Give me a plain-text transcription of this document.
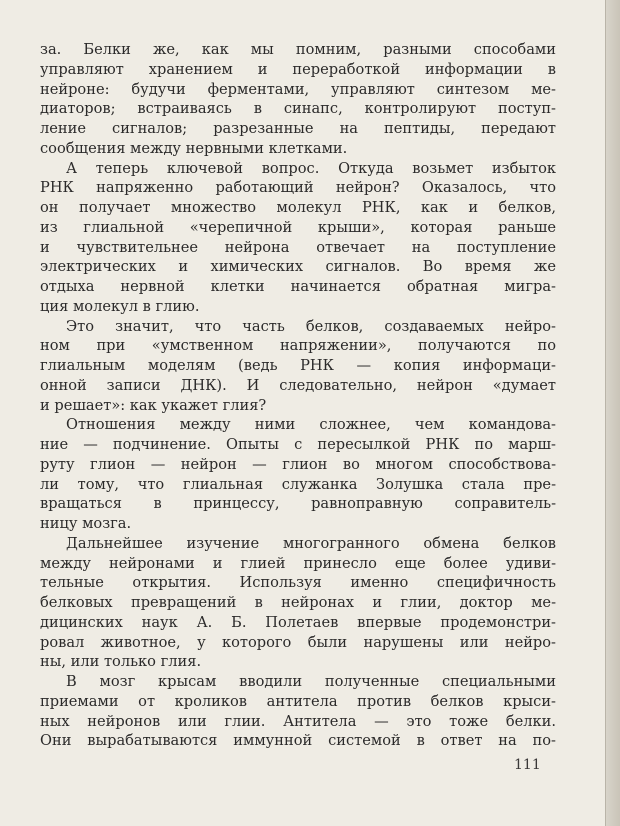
за. Белки же, как мы помним, разными способами
управляют хранением и переработкой информации в
нейроне: будучи ферментами, управляют синтезом ме-
диаторов; встраиваясь в синапс, контролируют поступ-
ление сигналов; разрезанные на пептиды, передают
сообщения между нервными клетками.
А теперь ключевой вопрос. Откуда возьмет избыток
РНК напряженно работающий нейрон? Оказалось, что
он получает множество молекул РНК, как и белков,
из глиальной «черепичной крыши», которая раньше
и чувствительнее нейрона отвечает на поступление
электрических и химических сигналов. Во время же
отдыха нервной клетки начинается обратная мигра-
ция молекул в глию.
Это значит, что часть белков, создаваемых нейро-
ном при «умственном напряжении», получаются по
глиальным моделям (ведь РНК — копия информаци-
онной записи ДНК). И следовательно, нейрон «думает
и решает»: как укажет глия?
Отношения между ними сложнее, чем командова-
ние — подчинение. Опыты с пересылкой РНК по марш-
руту глион — нейрон — глион во многом способствова-
ли тому, что глиальная служанка Золушка стала пре-
вращаться в принцессу, равноправную соправитель-
ницу мозга.
Дальнейшее изучение многогранного обмена белков
между нейронами и глией принесло еще более удиви-
тельные открытия. Используя именно специфичность
белковых превращений в нейронах и глии, доктор ме-
дицинских наук А. Б. Полетаев впервые продемонстри-
ровал животное, у которого были нарушены или нейро-
ны, или только глия.
В мозг крысам вводили полученные специальными
приемами от кроликов антитела против белков крыси-
ных нейронов или глии. Антитела — это тоже белки.
Они вырабатываются иммунной системой в ответ на по-
111
